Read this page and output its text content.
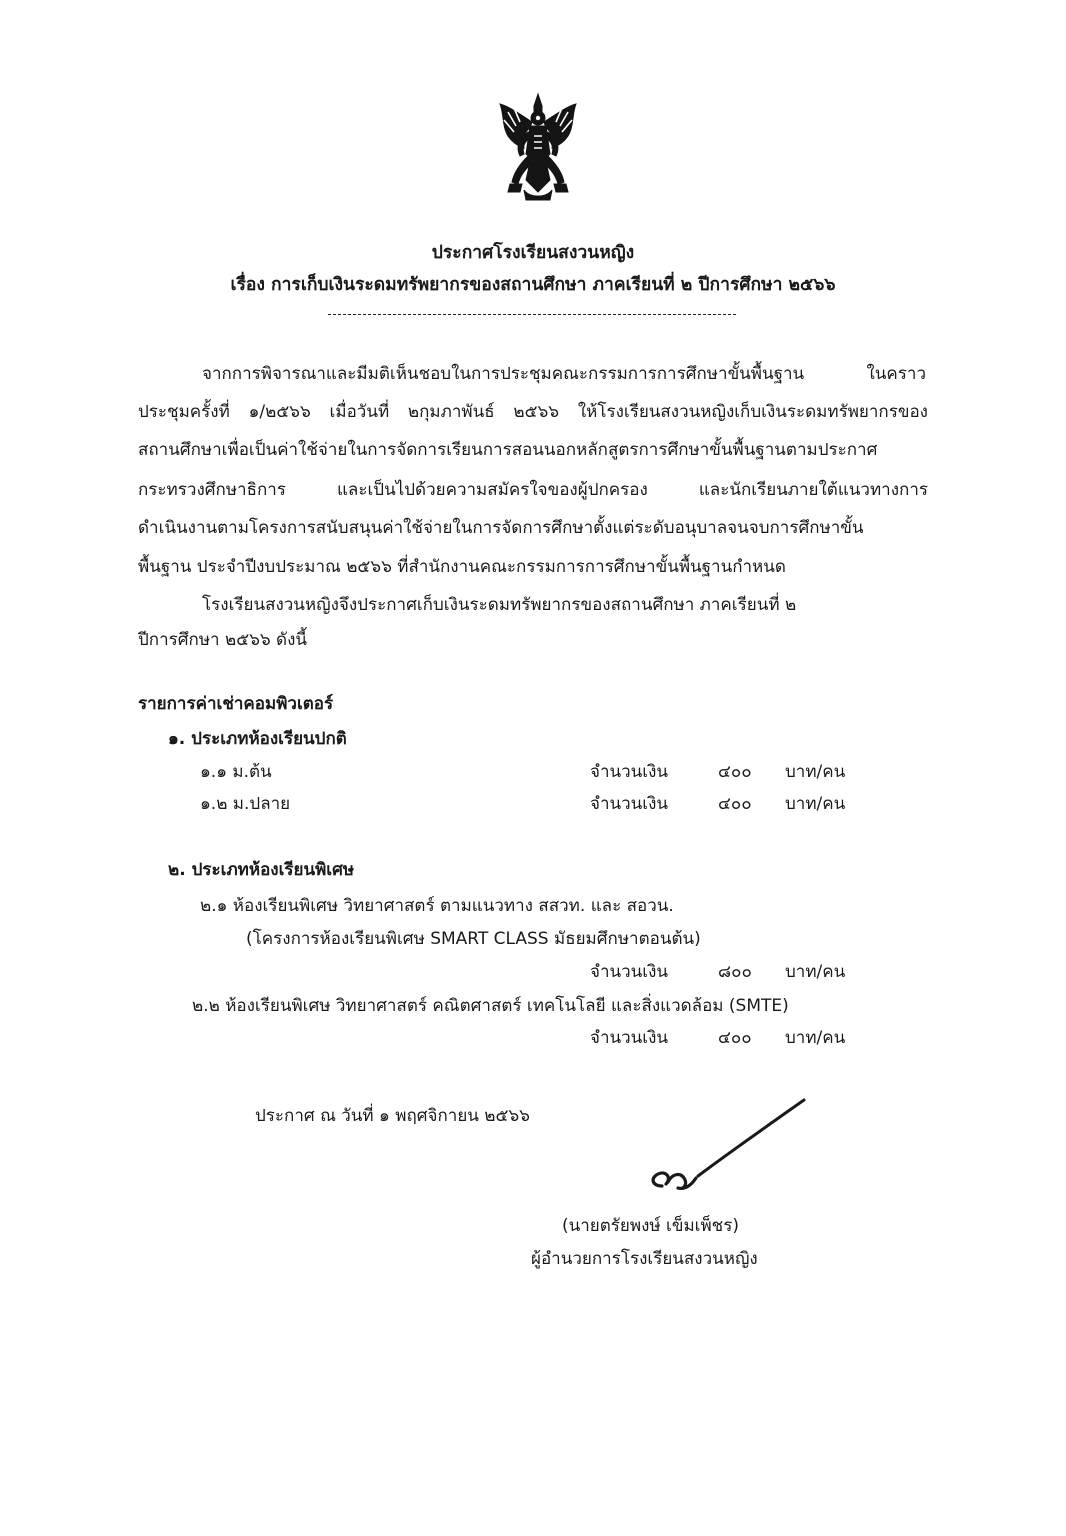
ประกาศโรงเรียนสงวนหญิง
เรื่อง การเก็บเงินระดมทรัพยากรของสถานศึกษา ภาคเรียนที่ ๒ ปีการศึกษา ๒๕๖๖
จากการพิจารณาและมีมติเห็นชอบในการประชุมคณะกรรมการการศึกษาขั้นพื้นฐาน ในคราว
ประชุมครั้งที่ ๑/๒๕๖๖ เมื่อวันที่ ๒กุมภาพันธ์ ๒๕๖๖ ให้โรงเรียนสงวนหญิงเก็บเงินระดมทรัพยากรของ
สถานศึกษาเพื่อเป็นค่าใช้จ่ายในการจัดการเรียนการสอนนอกหลักสูตรการศึกษาขั้นพื้นฐานตามประกาศ
กระทรวงศึกษาธิการ และเป็นไปด้วยความสมัครใจของผู้ปกครอง และนักเรียนภายใต้แนวทางการ
ดำเนินงานตามโครงการสนับสนุนค่าใช้จ่ายในการจัดการศึกษาตั้งแต่ระดับอนุบาลจนจบการศึกษาขั้น
พื้นฐาน ประจำปีงบประมาณ ๒๕๖๖ ที่สำนักงานคณะกรรมการการศึกษาขั้นพื้นฐานกำหนด
โรงเรียนสงวนหญิงจึงประกาศเก็บเงินระดมทรัพยากรของสถานศึกษา ภาคเรียนที่ ๒
ปีการศึกษา ๒๕๖๖ ดังนี้
รายการค่าเช่าคอมพิวเตอร์
๑. ประเภทห้องเรียนปกติ
๑.๑ ม.ต้น	จำนวนเงิน	๔๐๐ บาท/คน
๑.๒ ม.ปลาย	จำนวนเงิน	๔๐๐ บาท/คน
๒. ประเภทห้องเรียนพิเศษ
๒.๑ ห้องเรียนพิเศษ วิทยาศาสตร์ ตามแนวทาง สสวท. และ สอวน.
(โครงการห้องเรียนพิเศษ SMART CLASS มัธยมศึกษาตอนต้น)
จำนวนเงิน	๘๐๐ บาท/คน
๒.๒ ห้องเรียนพิเศษ วิทยาศาสตร์ คณิตศาสตร์ เทคโนโลยี และสิ่งแวดล้อม (SMTE)
จำนวนเงิน	๔๐๐ บาท/คน
ประกาศ ณ วันที่ ๑ พฤศจิกายน ๒๕๖๖
(นายตรัยพงษ์ เข็มเพ็ชร)
ผู้อำนวยการโรงเรียนสงวนหญิง
